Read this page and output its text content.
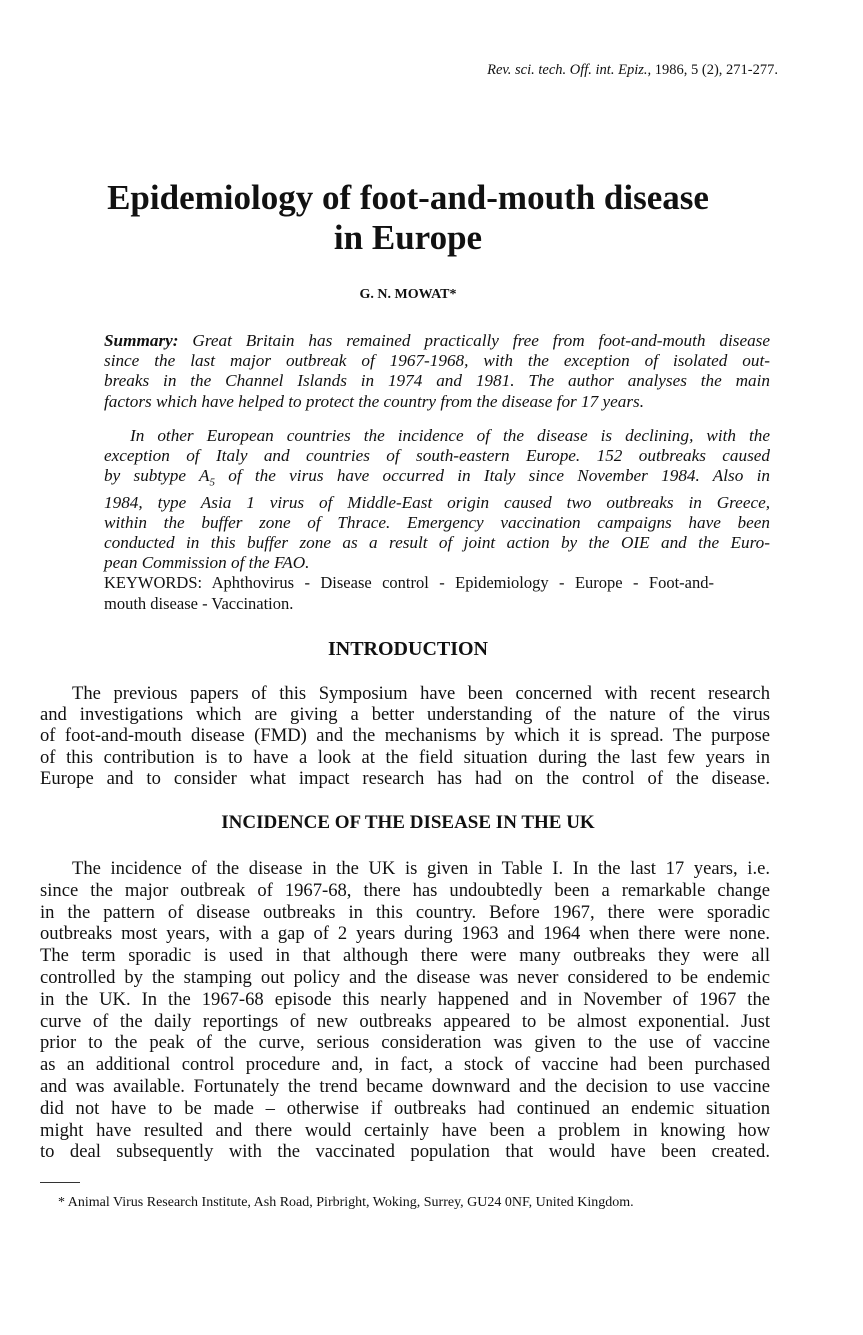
Rev. sci. tech. Off. int. Epiz., 1986, 5 (2), 271-277.
Epidemiology of foot-and-mouth disease
in Europe
G. N. MOWAT*
Summary: Great Britain has remained practically free from foot-and-mouth disease
since the last major outbreak of 1967-1968, with the exception of isolated out-
breaks in the Channel Islands in 1974 and 1981. The author analyses the main
factors which have helped to protect the country from the disease for 17 years.
In other European countries the incidence of the disease is declining, with the
exception of Italy and countries of south-eastern Europe. 152 outbreaks caused
by subtype $A_5$ of the virus have occurred in Italy since November 1984. Also in
1984, type Asia 1 virus of Middle-East origin caused two outbreaks in Greece,
within the buffer zone of Thrace. Emergency vaccination campaigns have been
conducted in this buffer zone as a result of joint action by the OIE and the Euro-
pean Commission of the FAO.
KEYWORDS: Aphthovirus - Disease control - Epidemiology - Europe - Foot-and-
mouth disease - Vaccination.
INTRODUCTION
The previous papers of this Symposium have been concerned with recent research
and investigations which are giving a better understanding of the nature of the virus
of foot-and-mouth disease (FMD) and the mechanisms by which it is spread. The purpose
of this contribution is to have a look at the field situation during the last few years in
Europe and to consider what impact research has had on the control of the disease.
INCIDENCE OF THE DISEASE IN THE UK
The incidence of the disease in the UK is given in Table I. In the last 17 years, i.e.
since the major outbreak of 1967-68, there has undoubtedly been a remarkable change
in the pattern of disease outbreaks in this country. Before 1967, there were sporadic
outbreaks most years, with a gap of 2 years during 1963 and 1964 when there were none.
The term sporadic is used in that although there were many outbreaks they were all
controlled by the stamping out policy and the disease was never considered to be endemic
in the UK. In the 1967-68 episode this nearly happened and in November of 1967 the
curve of the daily reportings of new outbreaks appeared to be almost exponential. Just
prior to the peak of the curve, serious consideration was given to the use of vaccine
as an additional control procedure and, in fact, a stock of vaccine had been purchased
and was available. Fortunately the trend became downward and the decision to use vaccine
did not have to be made – otherwise if outbreaks had continued an endemic situation
might have resulted and there would certainly have been a problem in knowing how
to deal subsequently with the vaccinated population that would have been created.
* Animal Virus Research Institute, Ash Road, Pirbright, Woking, Surrey, GU24 0NF, United Kingdom.
